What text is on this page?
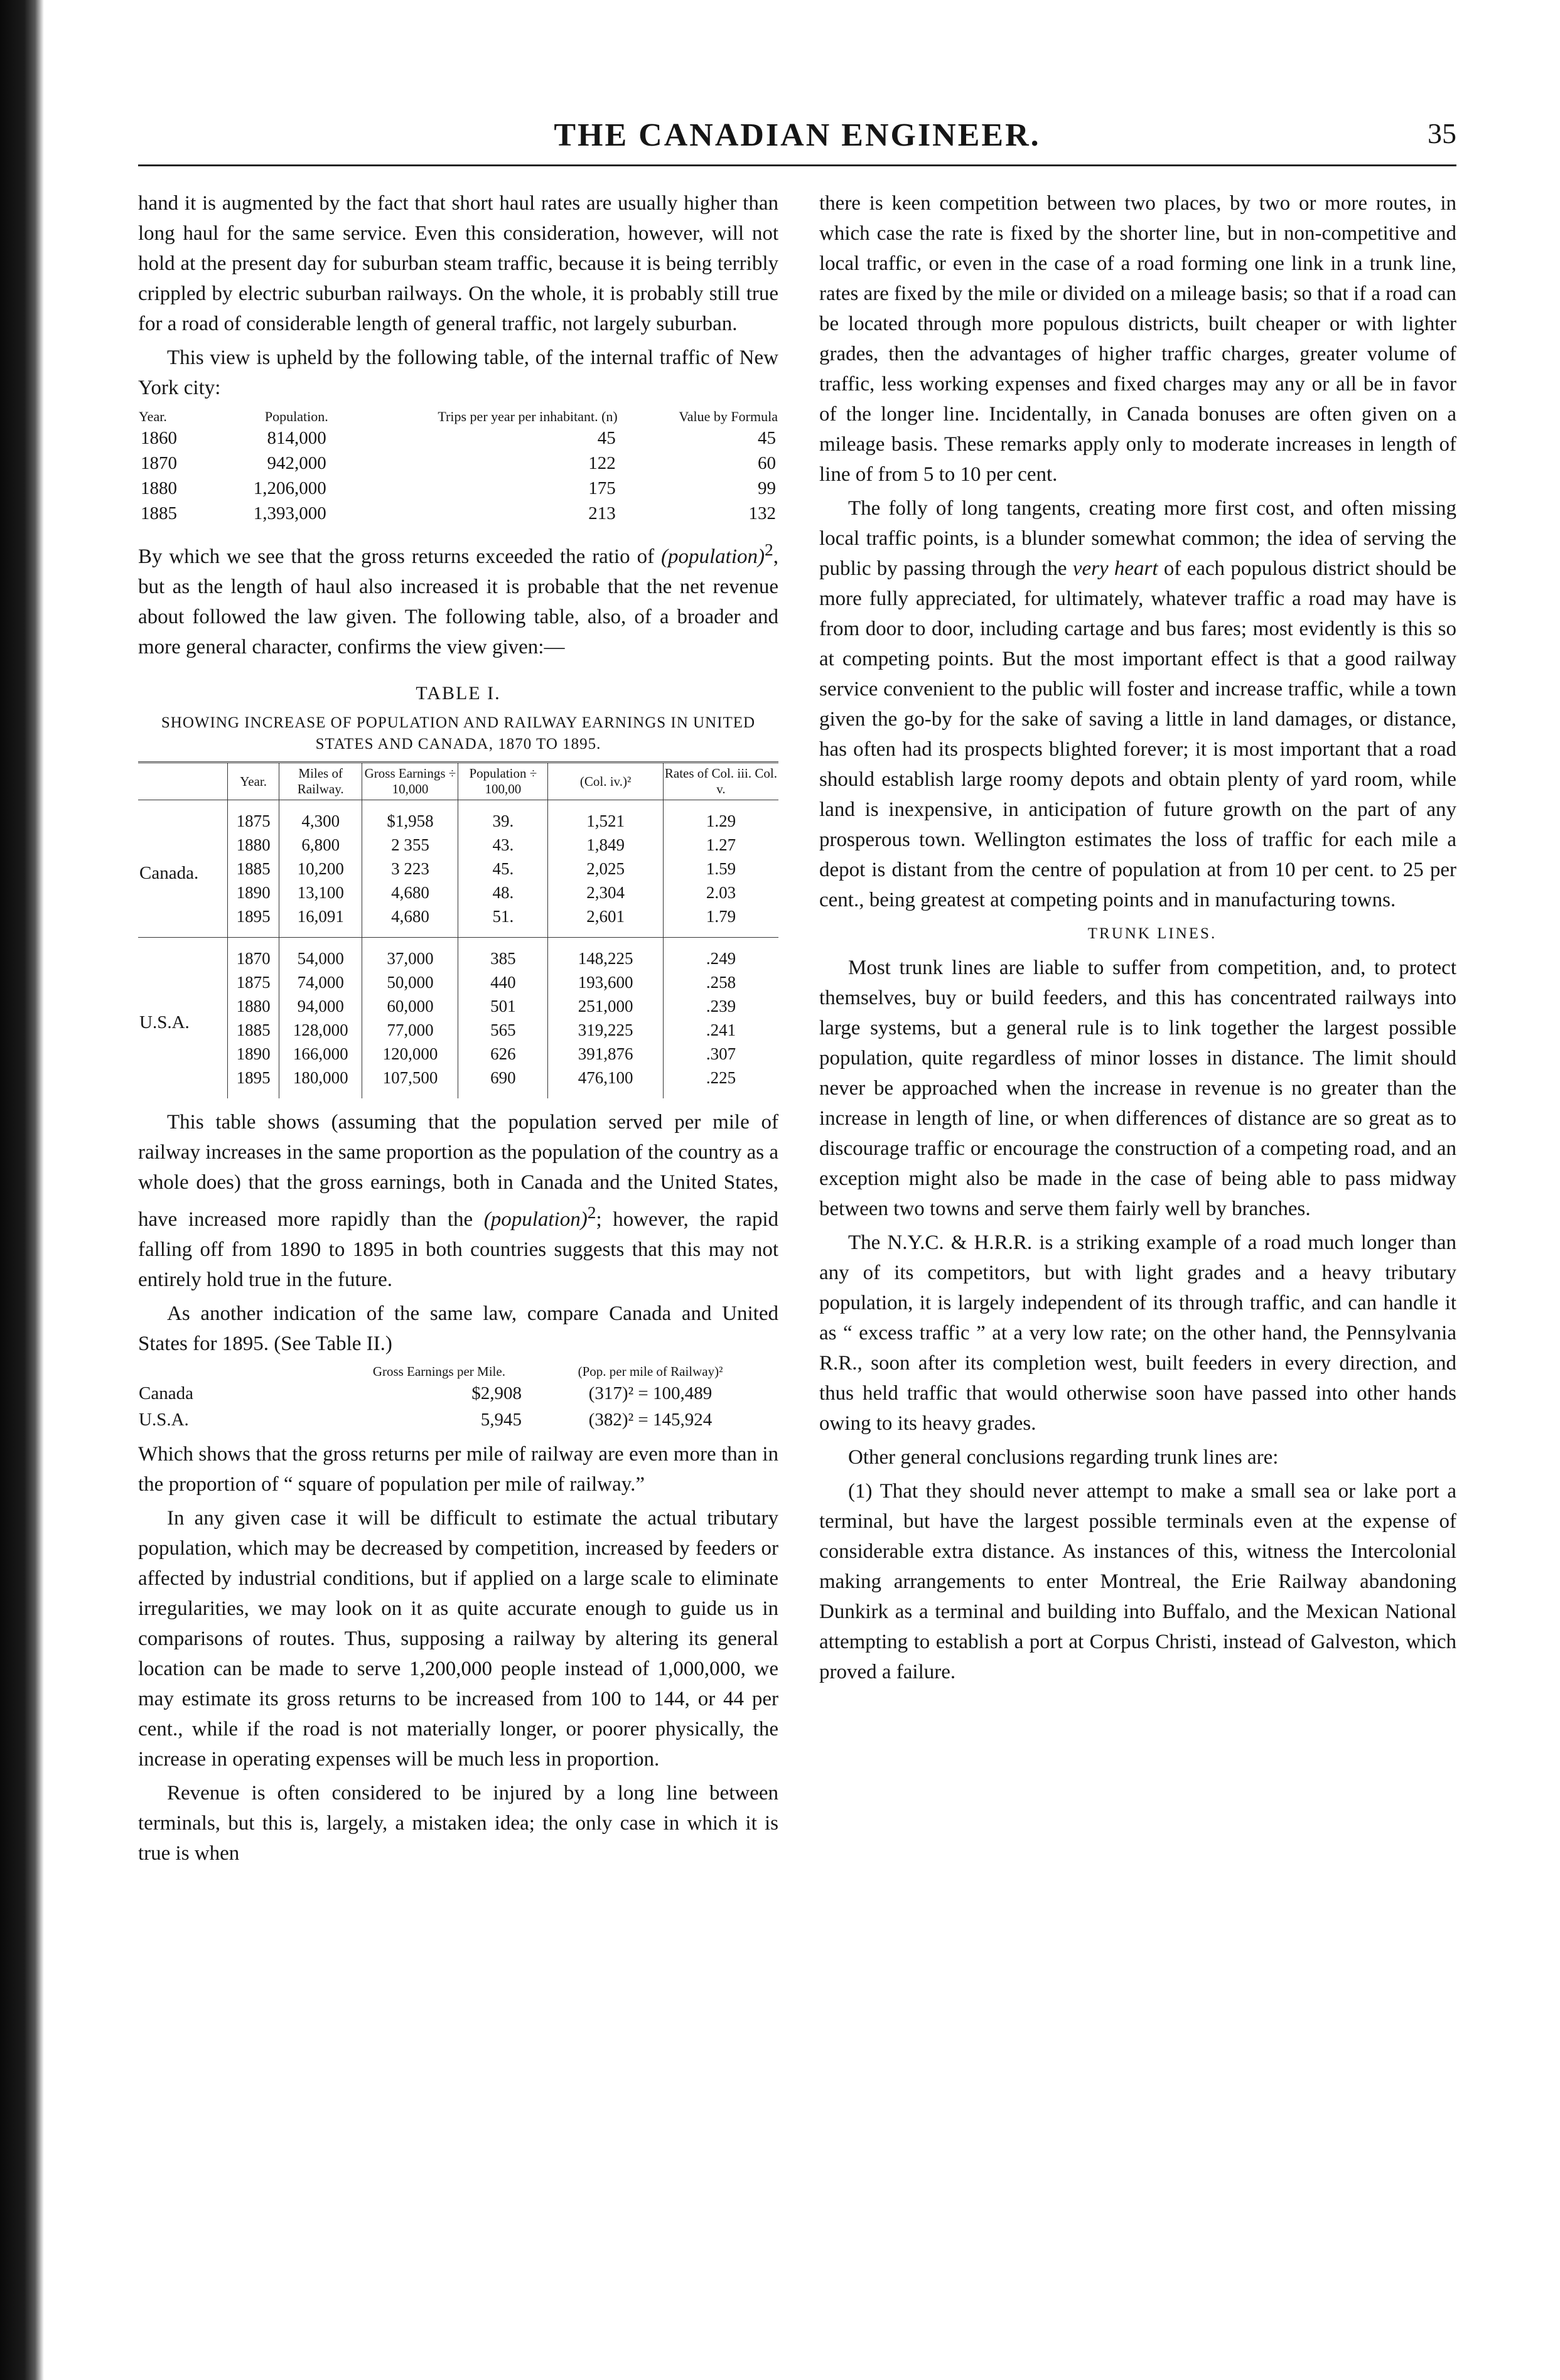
THE CANADIAN ENGINEER.	35

hand it is augmented by the fact that short haul rates are usually higher than long haul for the same service. Even this consideration, however, will not hold at the present day for suburban steam traffic, because it is being terribly crippled by electric suburban railways. On the whole, it is probably still true for a road of considerable length of general traffic, not largely suburban.

This view is upheld by the following table, of the internal traffic of New York city:

Year.	Population.	Trips per year per inhabitant. (n)	Value by Formula
1860	814,000	45	45
1870	942,000	122	60
1880	1,206,000	175	99
1885	1,393,000	213	132

By which we see that the gross returns exceeded the ratio of (population)$^2$, but as the length of haul also increased it is probable that the net revenue about followed the law given. The following table, also, of a broader and more general character, confirms the view given:—

TABLE I.

SHOWING INCREASE OF POPULATION AND RAILWAY EARNINGS IN UNITED STATES AND CANADA, 1870 TO 1895.

	Year.	Miles of Railway.	Gross Earnings ÷ 10,000	Population ÷ 100,00	(Col. iv.)²	Rates of Col. iii. Col. v.
Canada.	1875	4,300	$1,958	39.	1,521	1.29
	1880	6,800	2 355	43.	1,849	1.27
	1885	10,200	3 223	45.	2,025	1.59
	1890	13,100	4,680	48.	2,304	2.03
	1895	16,091	4,680	51.	2,601	1.79
U.S.A.	1870	54,000	37,000	385	148,225	.249
	1875	74,000	50,000	440	193,600	.258
	1880	94,000	60,000	501	251,000	.239
	1885	128,000	77,000	565	319,225	.241
	1890	166,000	120,000	626	391,876	.307
	1895	180,000	107,500	690	476,100	.225

This table shows (assuming that the population served per mile of railway increases in the same proportion as the population of the country as a whole does) that the gross earnings, both in Canada and the United States, have increased more rapidly than the (population)$^2$; however, the rapid falling off from 1890 to 1895 in both countries suggests that this may not entirely hold true in the future.

As another indication of the same law, compare Canada and United States for 1895. (See Table II.)

	Gross Earnings per Mile.	(Pop. per mile of Railway)²
Canada	$2,908	(317)² = 100,489
U.S.A.	5,945	(382)² = 145,924

Which shows that the gross returns per mile of railway are even more than in the proportion of “ square of population per mile of railway.”

In any given case it will be difficult to estimate the actual tributary population, which may be decreased by competition, increased by feeders or affected by industrial conditions, but if applied on a large scale to eliminate irregularities, we may look on it as quite accurate enough to guide us in comparisons of routes. Thus, supposing a railway by altering its general location can be made to serve 1,200,000 people instead of 1,000,000, we may estimate its gross returns to be increased from 100 to 144, or 44 per cent., while if the road is not materially longer, or poorer physically, the increase in operating expenses will be much less in proportion.

Revenue is often considered to be injured by a long line between terminals, but this is, largely, a mistaken idea; the only case in which it is true is when

there is keen competition between two places, by two or more routes, in which case the rate is fixed by the shorter line, but in non-competitive and local traffic, or even in the case of a road forming one link in a trunk line, rates are fixed by the mile or divided on a mileage basis; so that if a road can be located through more populous districts, built cheaper or with lighter grades, then the advantages of higher traffic charges, greater volume of traffic, less working expenses and fixed charges may any or all be in favor of the longer line. Incidentally, in Canada bonuses are often given on a mileage basis. These remarks apply only to moderate increases in length of line of from 5 to 10 per cent.

The folly of long tangents, creating more first cost, and often missing local traffic points, is a blunder somewhat common; the idea of serving the public by passing through the very heart of each populous district should be more fully appreciated, for ultimately, whatever traffic a road may have is from door to door, including cartage and bus fares; most evidently is this so at competing points. But the most important effect is that a good railway service convenient to the public will foster and increase traffic, while a town given the go-by for the sake of saving a little in land damages, or distance, has often had its prospects blighted forever; it is most important that a road should establish large roomy depots and obtain plenty of yard room, while land is inexpensive, in anticipation of future growth on the part of any prosperous town. Wellington estimates the loss of traffic for each mile a depot is distant from the centre of population at from 10 per cent. to 25 per cent., being greatest at competing points and in manufacturing towns.

TRUNK LINES.

Most trunk lines are liable to suffer from competition, and, to protect themselves, buy or build feeders, and this has concentrated railways into large systems, but a general rule is to link together the largest possible population, quite regardless of minor losses in distance. The limit should never be approached when the increase in revenue is no greater than the increase in length of line, or when differences of distance are so great as to discourage traffic or encourage the construction of a competing road, and an exception might also be made in the case of being able to pass midway between two towns and serve them fairly well by branches.

The N.Y.C. & H.R.R. is a striking example of a road much longer than any of its competitors, but with light grades and a heavy tributary population, it is largely independent of its through traffic, and can handle it as “ excess traffic ” at a very low rate; on the other hand, the Pennsylvania R.R., soon after its completion west, built feeders in every direction, and thus held traffic that would otherwise soon have passed into other hands owing to its heavy grades.

Other general conclusions regarding trunk lines are:

(1) That they should never attempt to make a small sea or lake port a terminal, but have the largest possible terminals even at the expense of considerable extra distance. As instances of this, witness the Intercolonial making arrangements to enter Montreal, the Erie Railway abandoning Dunkirk as a terminal and building into Buffalo, and the Mexican National attempting to establish a port at Corpus Christi, instead of Galveston, which proved a failure.
